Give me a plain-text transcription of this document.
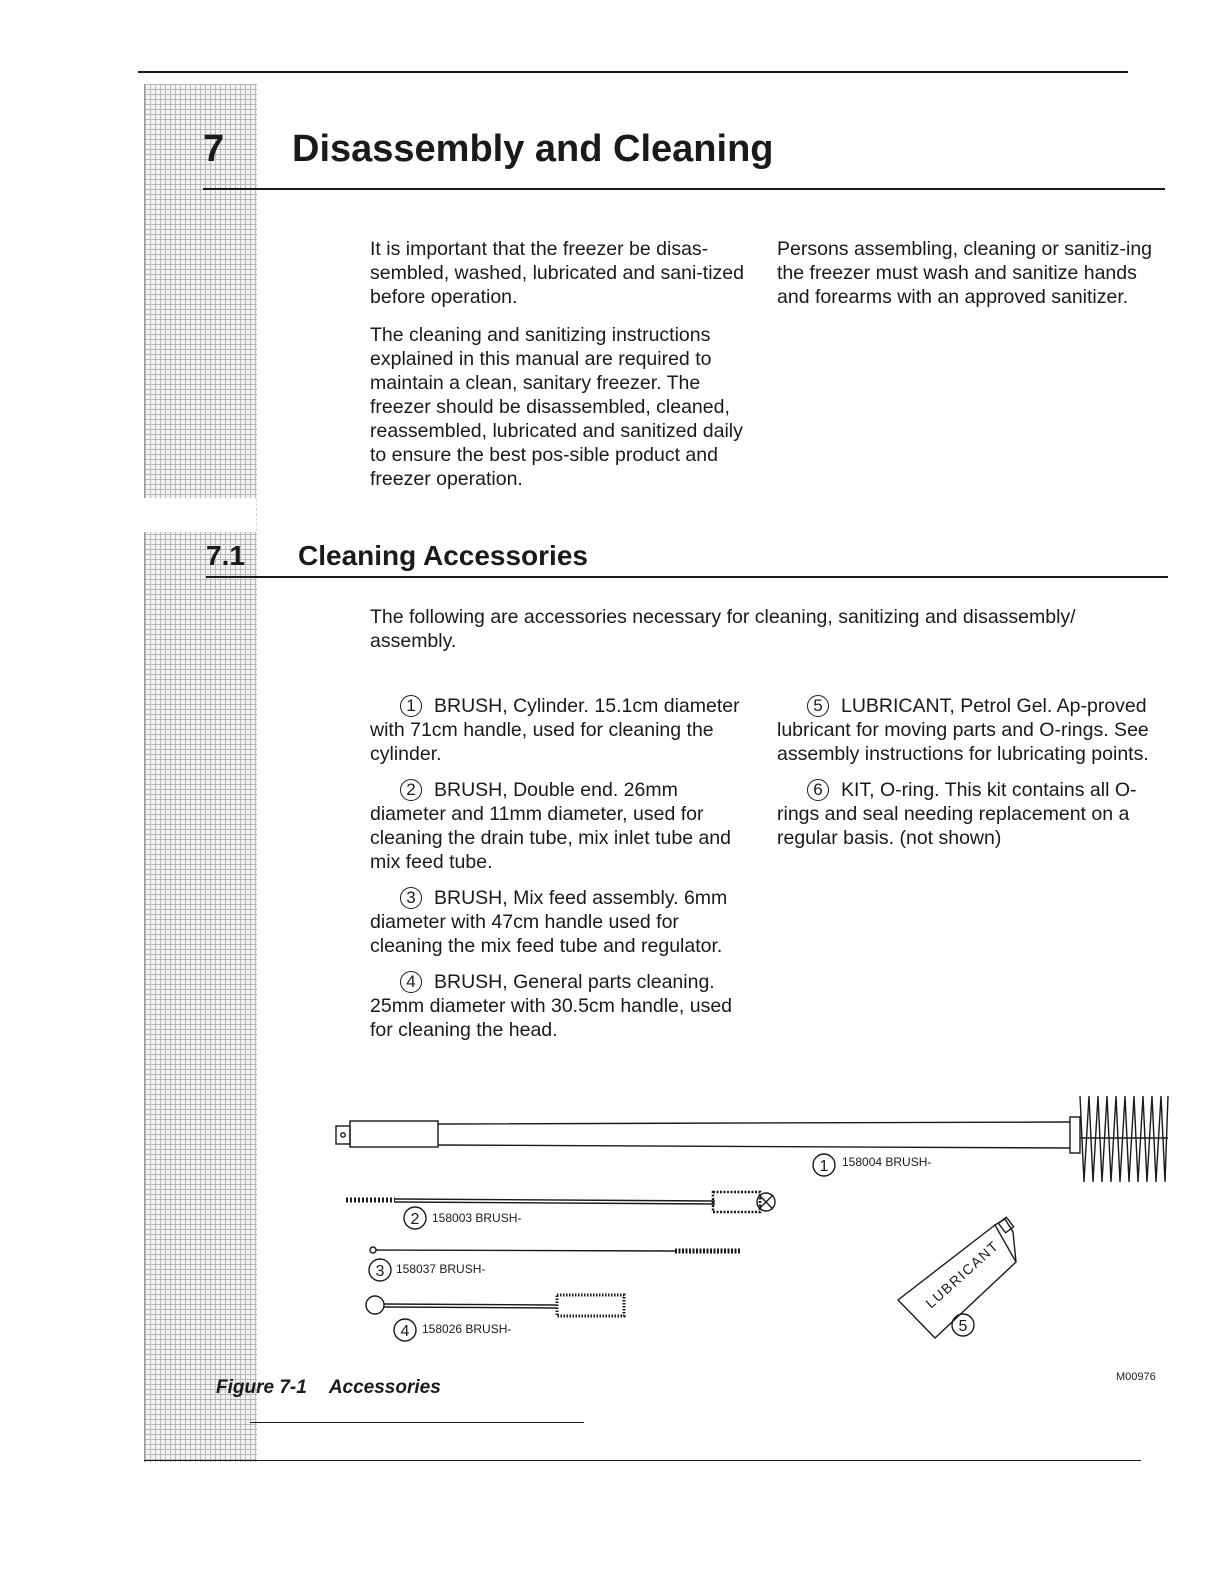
7 Disassembly and Cleaning

It is important that the freezer be disas-sembled, washed, lubricated and sani-tized before operation.

The cleaning and sanitizing instructions explained in this manual are required to maintain a clean, sanitary freezer. The freezer should be disassembled, cleaned, reassembled, lubricated and sanitized daily to ensure the best pos-sible product and freezer operation.

Persons assembling, cleaning or sanitiz-ing the freezer must wash and sanitize hands and forearms with an approved sanitizer.

7.1 Cleaning Accessories

The following are accessories necessary for cleaning, sanitizing and disassembly/ assembly.

1 BRUSH, Cylinder. 15.1cm diameter with 71cm handle, used for cleaning the cylinder.
2 BRUSH, Double end. 26mm diameter and 11mm diameter, used for cleaning the drain tube, mix inlet tube and mix feed tube.
3 BRUSH, Mix feed assembly. 6mm diameter with 47cm handle used for cleaning the mix feed tube and regulator.
4 BRUSH, General parts cleaning. 25mm diameter with 30.5cm handle, used for cleaning the head.
5 LUBRICANT, Petrol Gel. Ap-proved lubricant for moving parts and O-rings. See assembly instructions for lubricating points.
6 KIT, O-ring. This kit contains all O-rings and seal needing replacement on a regular basis. (not shown)
1
2
3
4	5
158004 BRUSH-
158003 BRUSH-
158037 BRUSH-
158026 BRUSH-
M00976
LUBRICANT
Figure 7-1 Accessories
